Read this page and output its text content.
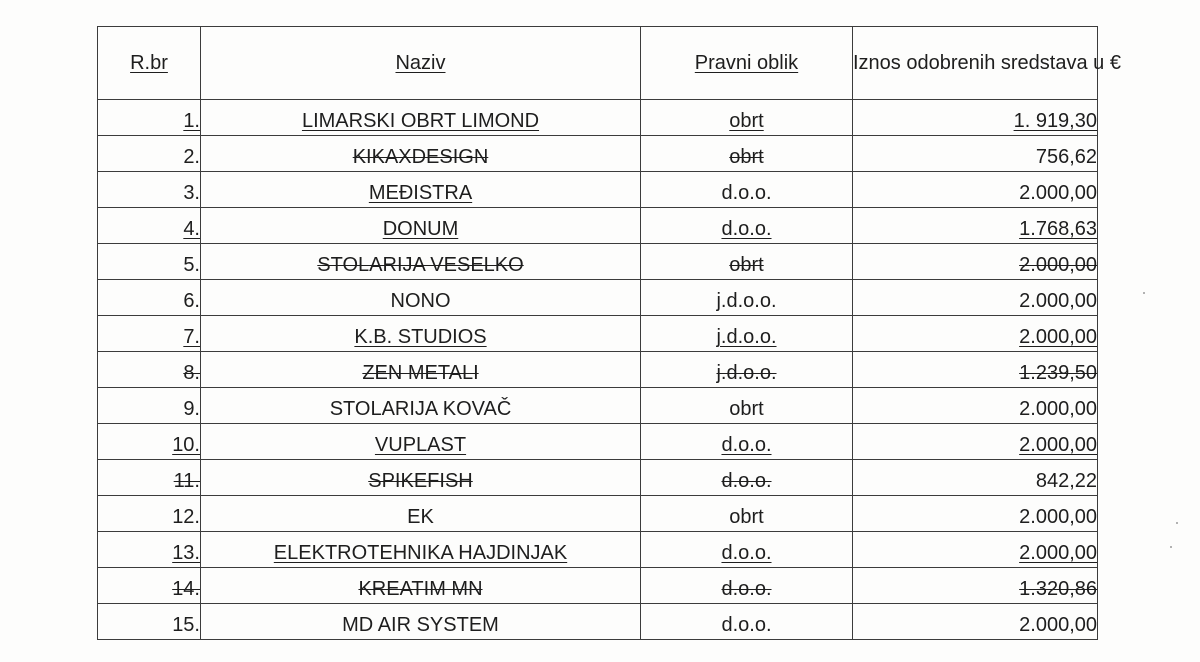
R.br	Naziv	Pravni oblik	Iznos odobrenih sredstava u €
1.	LIMARSKI OBRT LIMOND	obrt	1. 919,30
2.	KIKAXDESIGN	obrt	756,62
3.	MEĐISTRA	d.o.o.	2.000,00
4.	DONUM	d.o.o.	1.768,63
5.	STOLARIJA VESELKO	obrt	2.000,00
6.	NONO	j.d.o.o.	2.000,00
7.	K.B. STUDIOS	j.d.o.o.	2.000,00
8.	ZEN METALI	j.d.o.o.	1.239,50
9.	STOLARIJA KOVAČ	obrt	2.000,00
10.	VUPLAST	d.o.o.	2.000,00
11.	SPIKEFISH	d.o.o.	842,22
12.	EK	obrt	2.000,00
13.	ELEKTROTEHNIKA HAJDINJAK	d.o.o.	2.000,00
14.	KREATIM MN	d.o.o.	1.320,86
15.	MD AIR SYSTEM	d.o.o.	2.000,00
